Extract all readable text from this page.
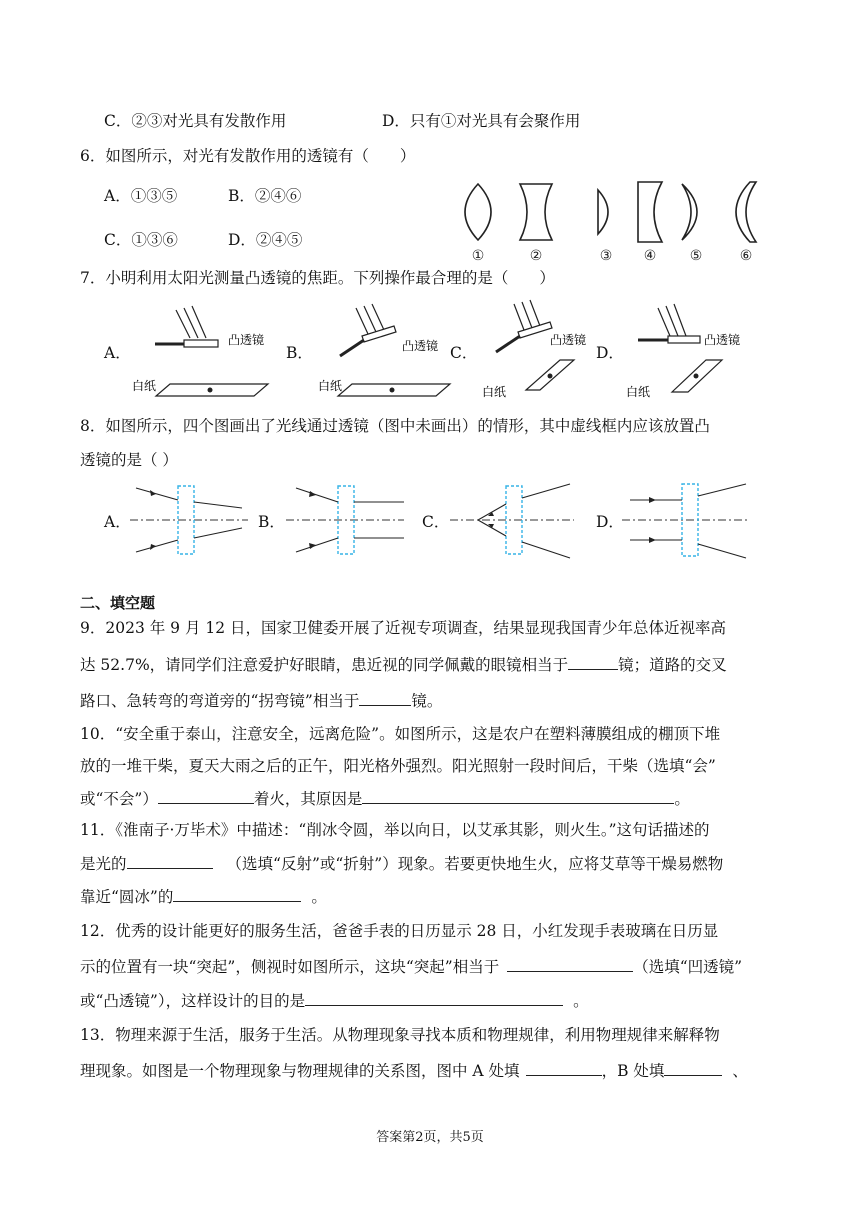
C．②③对光具有发散作用	D．只有①对光具有会聚作用
6．如图所示，对光有发散作用的透镜有（　　）
A．①③⑤	B．②④⑥
C．①③⑥	D．②④⑤
①	②	③ ④ ⑤	⑥
7．小明利用太阳光测量凸透镜的焦距。下列操作最合理的是（　　）
A．
凸透镜
白纸
B．	凸透镜
白纸
C．
凸透镜
白纸
D．
凸透镜
白纸
8．如图所示，四个图画出了光线通过透镜（图中未画出）的情形，其中虚线框内应该放置凸
透镜的是（ ）
A．	B．	C．	D．
二、填空题
9．2023 年 9 月 12 日，国家卫健委开展了近视专项调查，结果显现我国青少年总体近视率高
达 52.7%，请同学们注意爱护好眼睛，患近视的同学佩戴的眼镜相当于	镜；道路的交叉
路口、急转弯的弯道旁的“拐弯镜”相当于	镜。
10．“安全重于泰山，注意安全，远离危险”。如图所示，这是农户在塑料薄膜组成的棚顶下堆
放的一堆干柴，夏天大雨之后的正午，阳光格外强烈。阳光照射一段时间后，干柴（选填“会”
或“不会”）	着火，其原因是	。
11．《淮南子·万毕术》中描述：“削冰令圆，举以向日，以艾承其影，则火生。”这句话描述的
是光的	（选填“反射”或“折射”）现象。若要更快地生火，应将艾草等干燥易燃物
靠近“圆冰”的	。
12．优秀的设计能更好的服务生活，爸爸手表的日历显示 28 日，小红发现手表玻璃在日历显
示的位置有一块“突起”，侧视时如图所示，这块“突起”相当于	（选填“凹透镜”
或“凸透镜”），这样设计的目的是	。
13．物理来源于生活，服务于生活。从物理现象寻找本质和物理规律，利用物理规律来解释物
理现象。如图是一个物理现象与物理规律的关系图，图中 A 处填	，B 处填	、
答案第2页，共5页
